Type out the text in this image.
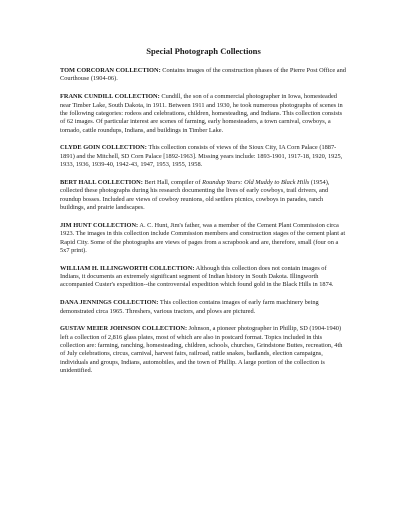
Special Photograph Collections

TOM CORCORAN COLLECTION: Contains images of the construction phases of the Pierre Post Office and Courthouse (1904-06).

FRANK CUNDILL COLLECTION: Cundill, the son of a commercial photographer in Iowa, homesteaded near Timber Lake, South Dakota, in 1911. Between 1911 and 1930, he took numerous photographs of scenes in the following categories: rodeos and celebrations, children, homesteading, and Indians. This collection consists of 62 images. Of particular interest are scenes of farming, early homesteaders, a town carnival, cowboys, a tornado, cattle roundups, Indians, and buildings in Timber Lake.

CLYDE GOIN COLLECTION: This collection consists of views of the Sioux City, IA Corn Palace (1887-1891) and the Mitchell, SD Corn Palace [1892-1963]. Missing years include: 1893-1901, 1917-18, 1920, 1925, 1933, 1936, 1939-40, 1942-43, 1947, 1953, 1955, 1958.

BERT HALL COLLECTION: Bert Hall, compiler of Roundup Years: Old Muddy to Black Hills (1954), collected these photographs during his research documenting the lives of early cowboys, trail drivers, and roundup bosses. Included are views of cowboy reunions, old settlers picnics, cowboys in parades, ranch buildings, and prairie landscapes.

JIM HUNT COLLECTION: A. C. Hunt, Jim's father, was a member of the Cement Plant Commission circa 1923. The images in this collection include Commission members and construction stages of the cement plant at Rapid City. Some of the photographs are views of pages from a scrapbook and are, therefore, small (four on a 5x7 print).

WILLIAM H. ILLINGWORTH COLLECTION: Although this collection does not contain images of Indians, it documents an extremely significant segment of Indian history in South Dakota. Illingworth accompanied Custer's expedition--the controversial expedition which found gold in the Black Hills in 1874.

DANA JENNINGS COLLECTION: This collection contains images of early farm machinery being demonstrated circa 1965. Threshers, various tractors, and plows are pictured.

GUSTAV MEIER JOHNSON COLLECTION: Johnson, a pioneer photographer in Phillip, SD (1904-1940) left a collection of 2,816 glass plates, most of which are also in postcard format. Topics included in this collection are: farming, ranching, homesteading, children, schools, churches, Grindstone Buttes, recreation, 4th of July celebrations, circus, carnival, harvest fairs, railroad, rattle snakes, badlands, election campaigns, individuals and groups, Indians, automobiles, and the town of Phillip. A large portion of the collection is unidentified.
